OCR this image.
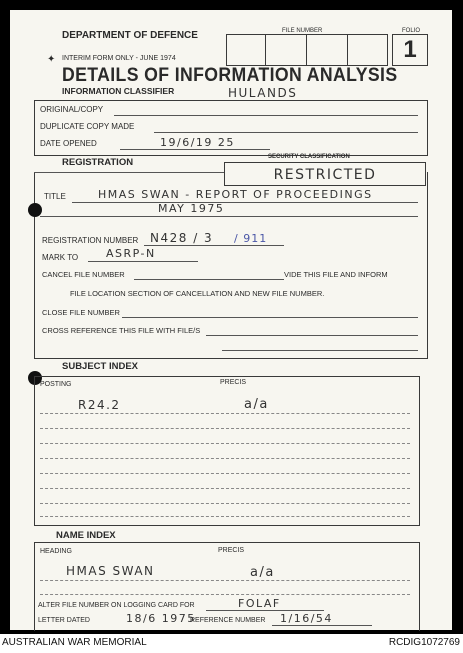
DEPARTMENT OF DEFENCE
✦ INTERIM FORM ONLY - JUNE 1974
DETAILS OF INFORMATION ANALYSIS
FILE NUMBER	FOLIO
1
INFORMATION CLASSIFIER	HULANDS
ORIGINAL/COPY
DUPLICATE COPY MADE
DATE OPENED	19/6/19 25
REGISTRATION	SECURITY CLASSIFICATION
RESTRICTED
TITLE	HMAS SWAN - REPORT OF PROCEEDINGS
MAY 1975
REGISTRATION NUMBER N428 / 3 / 911
MARK TO	ASRP-N
CANCEL FILE NUMBER	VIDE THIS FILE AND INFORM
FILE LOCATION SECTION OF CANCELLATION AND NEW FILE NUMBER.
CLOSE FILE NUMBER
CROSS REFERENCE THIS FILE WITH FILE/S
SUBJECT INDEX
POSTING	PRECIS
R24.2	a/a
NAME INDEX
HEADING	PRECIS
HMAS SWAN	a/a
ALTER FILE NUMBER ON LOGGING CARD FOR	FOLAF
LETTER DATED	18/6 1975
REFERENCE NUMBER 1/16/54
AUSTRALIAN WAR MEMORIAL	RCDIG1072769
